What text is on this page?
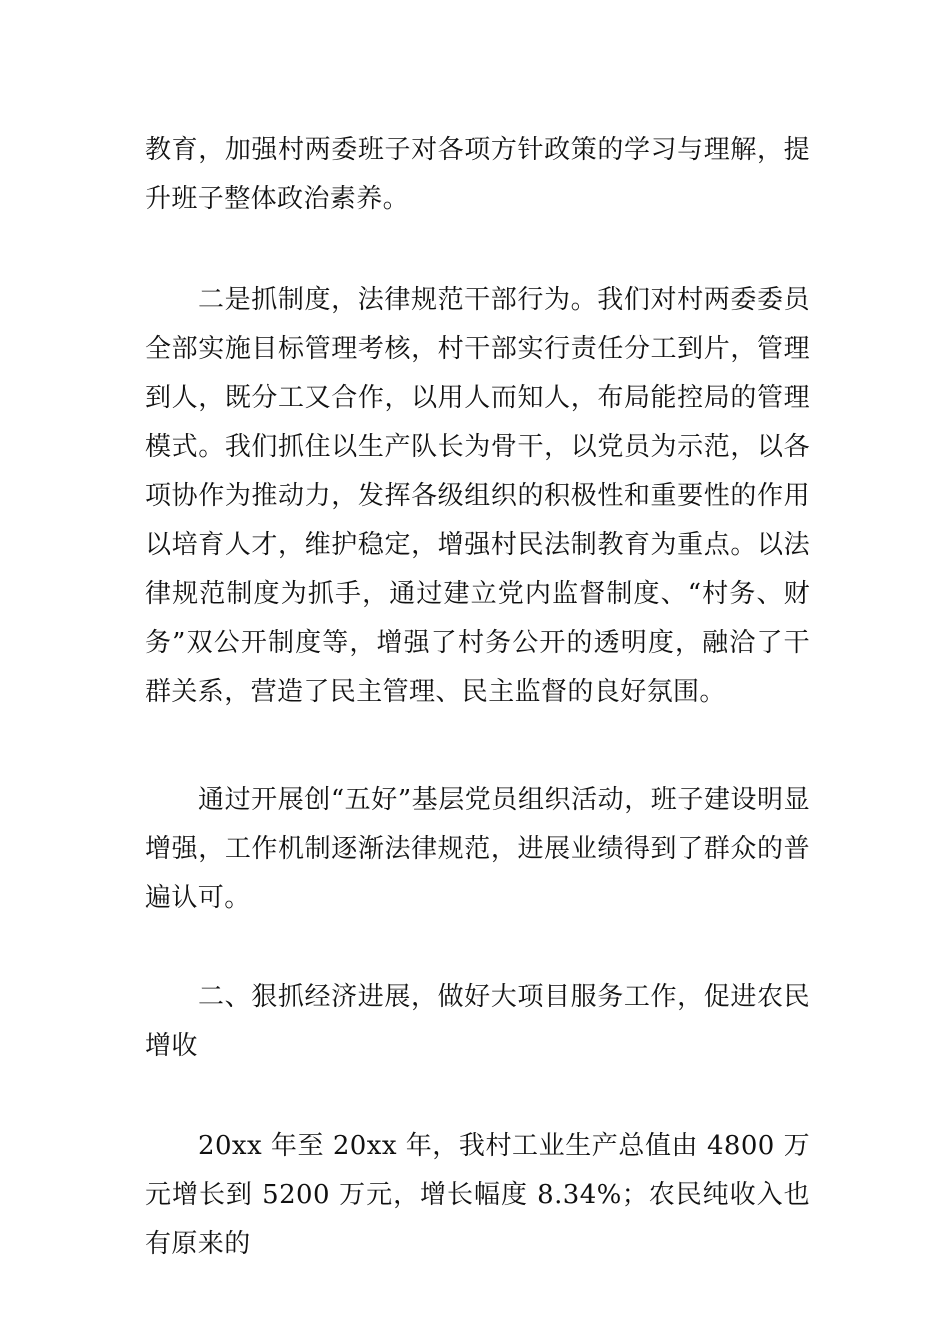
教育，加强村两委班子对各项方针政策的学习与理解，提升班子整体政治素养。

二是抓制度，法律规范干部行为。我们对村两委委员全部实施目标管理考核，村干部实行责任分工到片，管理到人，既分工又合作，以用人而知人，布局能控局的管理模式。我们抓住以生产队长为骨干，以党员为示范，以各项协作为推动力，发挥各级组织的积极性和重要性的作用以培育人才，维护稳定，增强村民法制教育为重点。以法律规范制度为抓手，通过建立党内监督制度、“村务、财务”双公开制度等，增强了村务公开的透明度，融洽了干群关系，营造了民主管理、民主监督的良好氛围。

通过开展创“五好”基层党员组织活动，班子建设明显增强，工作机制逐渐法律规范，进展业绩得到了群众的普遍认可。

二、狠抓经济进展，做好大项目服务工作，促进农民增收

20xx 年至 20xx 年，我村工业生产总值由 4800 万元增长到 5200 万元，增长幅度 8.34%；农民纯收入也有原来的
